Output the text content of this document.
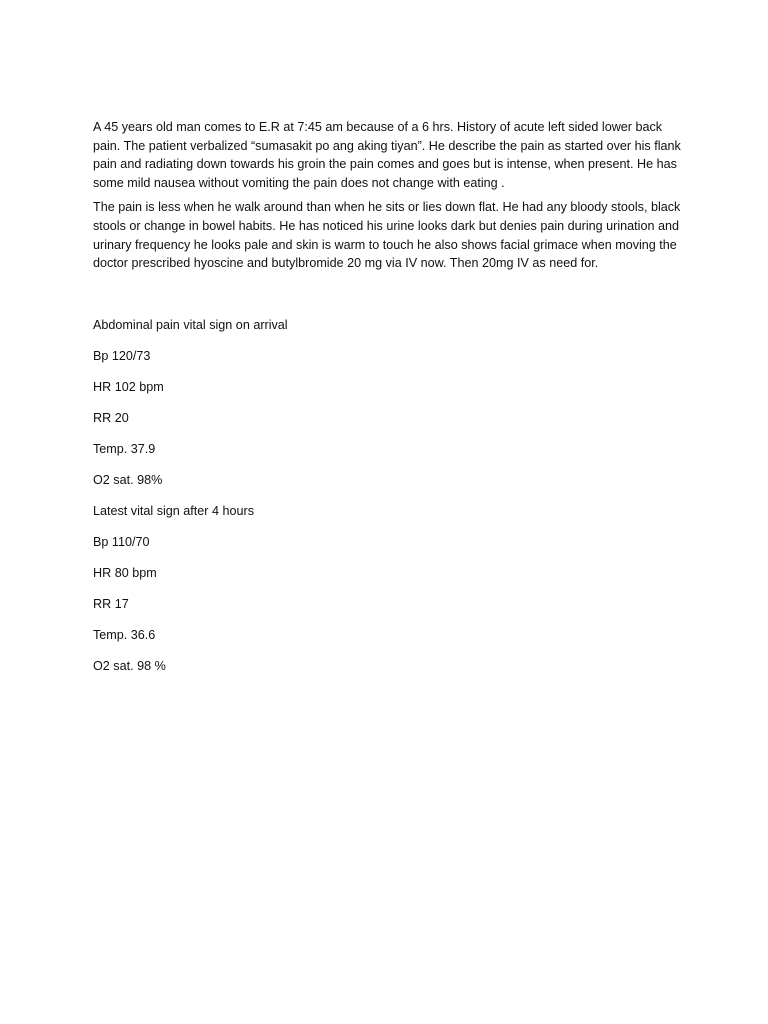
A 45 years old man comes to E.R at 7:45 am because of a 6 hrs. History of acute left sided lower back pain. The patient verbalized “sumasakit po ang aking tiyan”. He describe the pain as started over his flank pain and radiating down towards his groin the pain comes and goes but is intense, when present. He has some mild nausea without vomiting the pain does not change with eating .

The pain is less when he walk around than when he sits or lies down flat. He had any bloody stools, black stools or change in bowel habits. He has noticed his urine looks dark but denies pain during urination and urinary frequency he looks pale and skin is warm to touch he also shows facial grimace when moving the doctor prescribed hyoscine and butylbromide 20 mg via IV now. Then 20mg IV as need for.

Abdominal pain vital sign on arrival

Bp 120/73

HR 102 bpm

RR 20

Temp. 37.9

O2 sat. 98%

Latest vital sign after 4 hours

Bp 110/70

HR 80 bpm

RR 17

Temp. 36.6

O2 sat. 98 %
